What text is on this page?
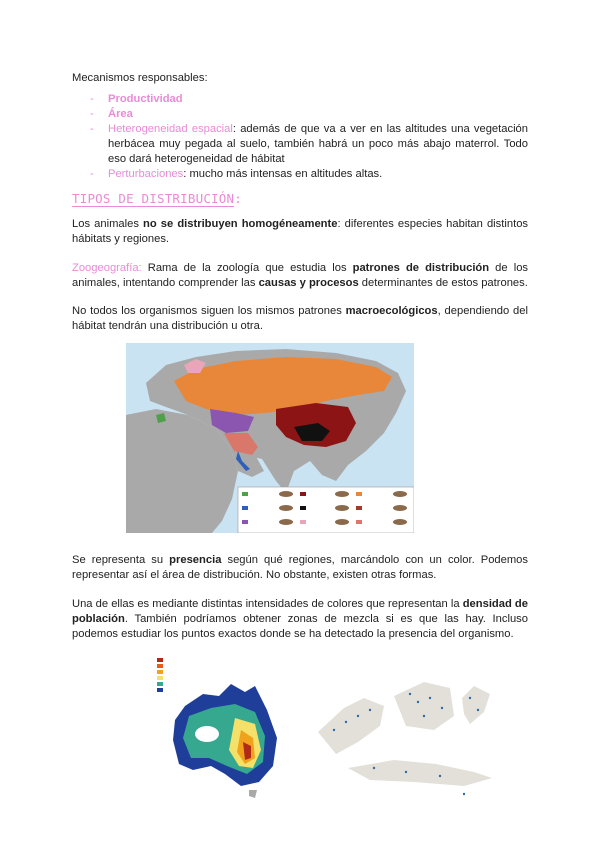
Mecanismos responsables:
- Productividad
- Área
- Heterogeneidad espacial: además de que va a ver en las altitudes una vegetación herbácea muy pegada al suelo, también habrá un poco más abajo materrol. Todo eso dará heterogeneidad de hábitat
- Perturbaciones: mucho más intensas en altitudes altas.
TIPOS DE DISTRIBUCIÓN:
Los animales no se distribuyen homogéneamente: diferentes especies habitan distintos hábitats y regiones.
Zoogeografía: Rama de la zoología que estudia los patrones de distribución de los animales, intentando comprender las causas y procesos determinantes de estos patrones.
No todos los organismos siguen los mismos patrones macroecológicos, dependiendo del hábitat tendrán una distribución u otra.
Se representa su presencia según qué regiones, marcándolo con un color. Podemos representar así el área de distribución. No obstante, existen otras formas.
Una de ellas es mediante distintas intensidades de colores que representan la densidad de población. También podríamos obtener zonas de mezcla si es que las hay. Incluso podemos estudiar los puntos exactos donde se ha detectado la presencia del organismo.
